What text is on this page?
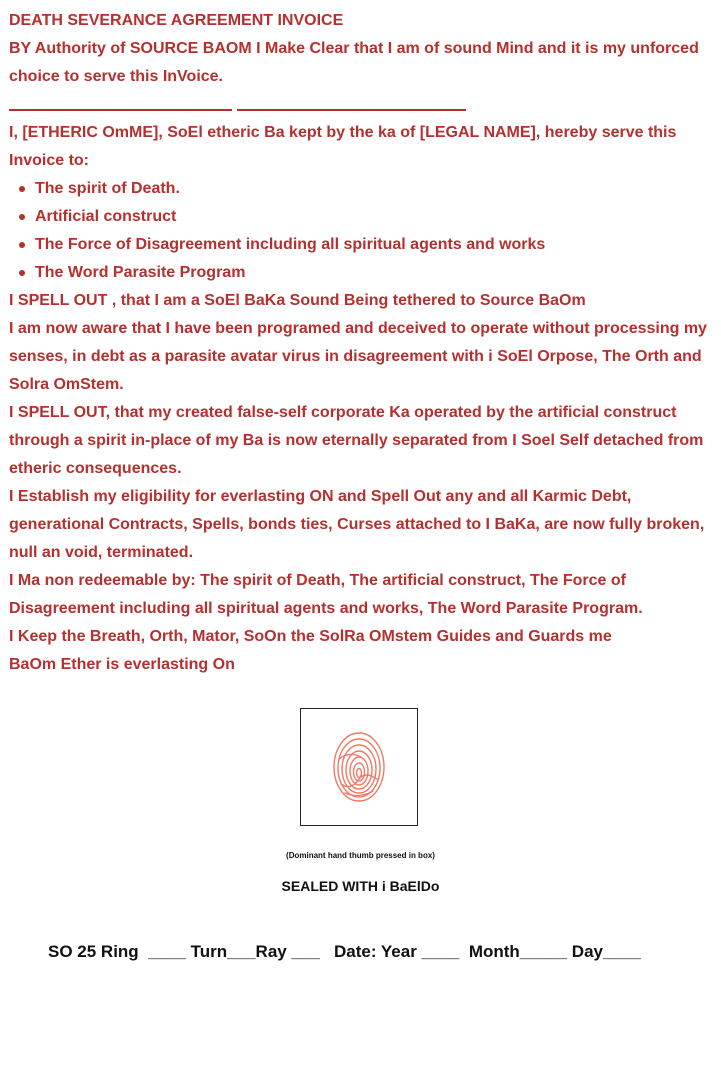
DEATH SEVERANCE AGREEMENT INVOICE

BY Authority of SOURCE BAOM I Make Clear that I am of sound Mind and it is my unforced choice to serve this InVoice.

I, [ETHERIC OmME], SoEl etheric Ba kept by the ka of [LEGAL NAME], hereby serve this Invoice to:

The spirit of Death.
Artificial construct
The Force of Disagreement including all spiritual agents and works
The Word Parasite Program

I SPELL OUT , that I am a SoEl BaKa Sound Being tethered to Source BaOm

I am now aware that I have been programed and deceived to operate without processing my senses, in debt as a parasite avatar virus in disagreement with i SoEl Orpose, The Orth and Solra OmStem.

I SPELL OUT, that my created false-self corporate Ka operated by the artificial construct through a spirit in-place of my Ba is now eternally separated from I Soel Self detached from etheric consequences.

I Establish my eligibility for everlasting ON and Spell Out any and all Karmic Debt, generational Contracts, Spells, bonds ties, Curses attached to I BaKa, are now fully broken, null an void, terminated.

I Ma non redeemable by: The spirit of Death, The artificial construct, The Force of Disagreement including all spiritual agents and works, The Word Parasite Program.

I Keep the Breath, Orth, Mator, SoOn the SolRa OMstem Guides and Guards me

BaOm Ether is everlasting On

(Dominant hand thumb pressed in box)
SEALED WITH i BaElDo
SO 25 Ring  ____ Turn___Ray ___   Date: Year ____  Month_____ Day____
